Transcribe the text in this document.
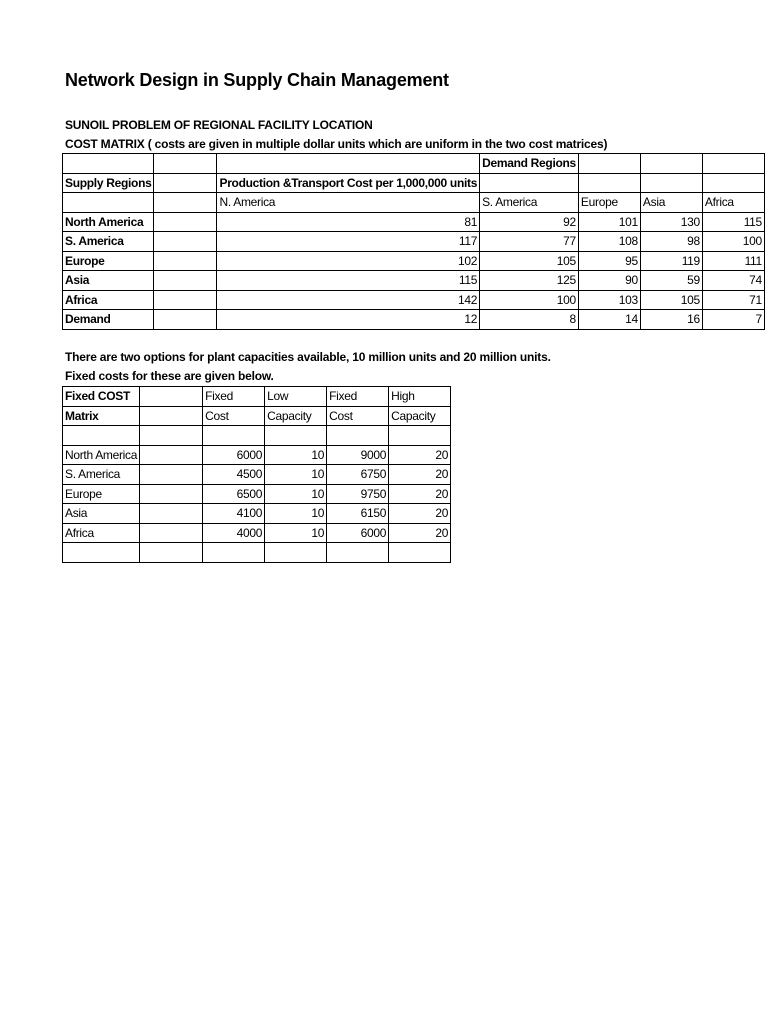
Network Design in Supply Chain Management
SUNOIL PROBLEM OF REGIONAL FACILITY LOCATION
COST MATRIX ( costs are given in multiple dollar units which are uniform in the two cost matrices)
			Demand Regions			
Supply Regions		Production &Transport Cost per 1,000,000 units				
		N. America	S. America	Europe	Asia	Africa
North America		81	92	101	130	115
S. America		117	77	108	98	100
Europe		102	105	95	119	111
Asia		115	125	90	59	74
Africa		142	100	103	105	71
Demand		12	8	14	16	7
There are two options for plant capacities available, 10 million units and 20 million units.
Fixed costs for these are given below.
Fixed COST		Fixed	Low	Fixed	High
Matrix		Cost	Capacity	Cost	Capacity

North America		6000	10	9000	20
S. America		4500	10	6750	20
Europe		6500	10	9750	20
Asia		4100	10	6150	20
Africa		4000	10	6000	20
